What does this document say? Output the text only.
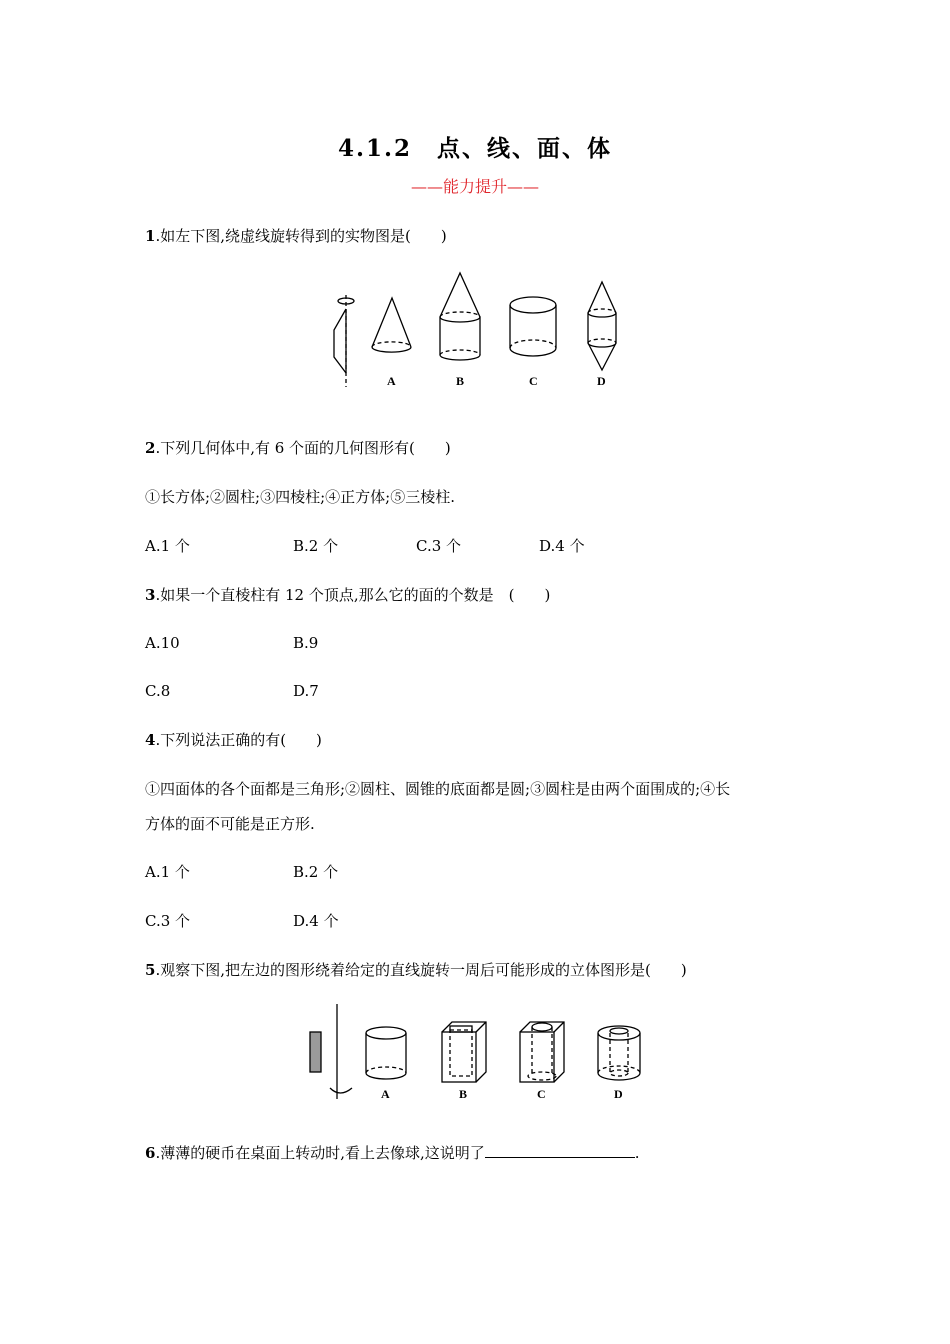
4.1.2　点、线、面、体
——能力提升——
1.如左下图,绕虚线旋转得到的实物图是(　　)
A	B	C	D
2.下列几何体中,有 6 个面的几何图形有(　　)
①长方体;②圆柱;③四棱柱;④正方体;⑤三棱柱.
A.1 个	B.2 个	C.3 个	D.4 个
3.如果一个直棱柱有 12 个顶点,那么它的面的个数是　(　　)
A.10	B.9
C.8	D.7
4.下列说法正确的有(　　)
①四面体的各个面都是三角形;②圆柱、圆锥的底面都是圆;③圆柱是由两个面围成的;④长
方体的面不可能是正方形.
A.1 个	B.2 个
C.3 个	D.4 个
5.观察下图,把左边的图形绕着给定的直线旋转一周后可能形成的立体图形是(　　)
A	B	C	D
6.薄薄的硬币在桌面上转动时,看上去像球,这说明了	.
